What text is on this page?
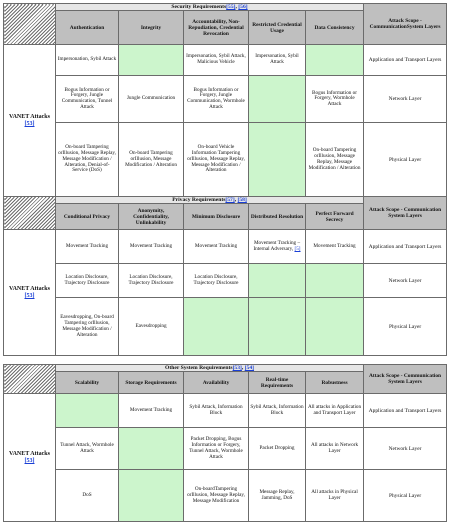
	Security Requirements[55], [56]					Attack Scope - CommunicationSystem Layers
	Authentication	Integrity	Accountability, Non-Repudiation, Credential Revocation	Restricted Credential Usage	Data Consistency	
VANET Attacks
[53]	Impersonation, Sybil Attack		Impersonation, Sybil Attack, Malicious Vehicle	Impersonation, Sybil Attack		Application and Transport Layers
	Bogus Information or Forgery, Jungle Communication, Tunnel Attack	Jungle Communication	Bogus Information or Forgery, Jungle Communication, Wormhole Attack		Bogus Information or Forgery, Wormhole Attack	Network Layer
	On-board Tampering orIllusion, Message Replay, Message Modification / Alteration, Denial-of-Service (DoS)	On-board Tampering orIllusion, Message Modification / Alteration	On-board Vehicle Information Tampering orIllusion, Message Replay, Message Modification / Alteration		On-board Tampering orIllusion, Message Replay, Message Modification / Alteration	Physical Layer
	Privacy Requirements[57], [58]					Attack Scope - Communication System Layers
	Conditional Privacy	Anonymity, Confidentiality, Unlinkability	Minimum Disclosure	Distributed Resolution	Perfect Forward Secrecy	
VANET Attacks
[53]	Movement Tracking	Movement Tracking	Movement Tracking	Movement Tracking – Internal Adversary, [5]	Movement Tracking	Application and Transport Layers
	Location Disclosure, Trajectory Disclosure	Location Disclosure, Trajectory Disclosure	Location Disclosure, Trajectory Disclosure			Network Layer
	Eavesdropping, On-board Tampering orIllusion, Message Modification / Alteration	Eavesdropping				Physical Layer
	Other System Requirements[53], [54]					Attack Scope - Communication System Layers
	Scalability	Storage Requirements	Availability	Real-time Requirements	Robustness	
VANET Attacks
[53]		Movement Tracking	Sybil Attack, Information Block	Sybil Attack, Information Block	All attacks in Application and Transport Layer	Application and Transport Layers
	Tunnel Attack, Wormhole Attack		Packet Dropping, Bogus Information or Forgery, Tunnel Attack, Wormhole Attack	Packet Dropping	All attacks in Network Layer	Network Layer
	DoS		On-boardTampering orIllusion, Message Replay, Message Modification	Message Replay, Jamming, DoS	All attacks in Physical Layer	Physical Layer
